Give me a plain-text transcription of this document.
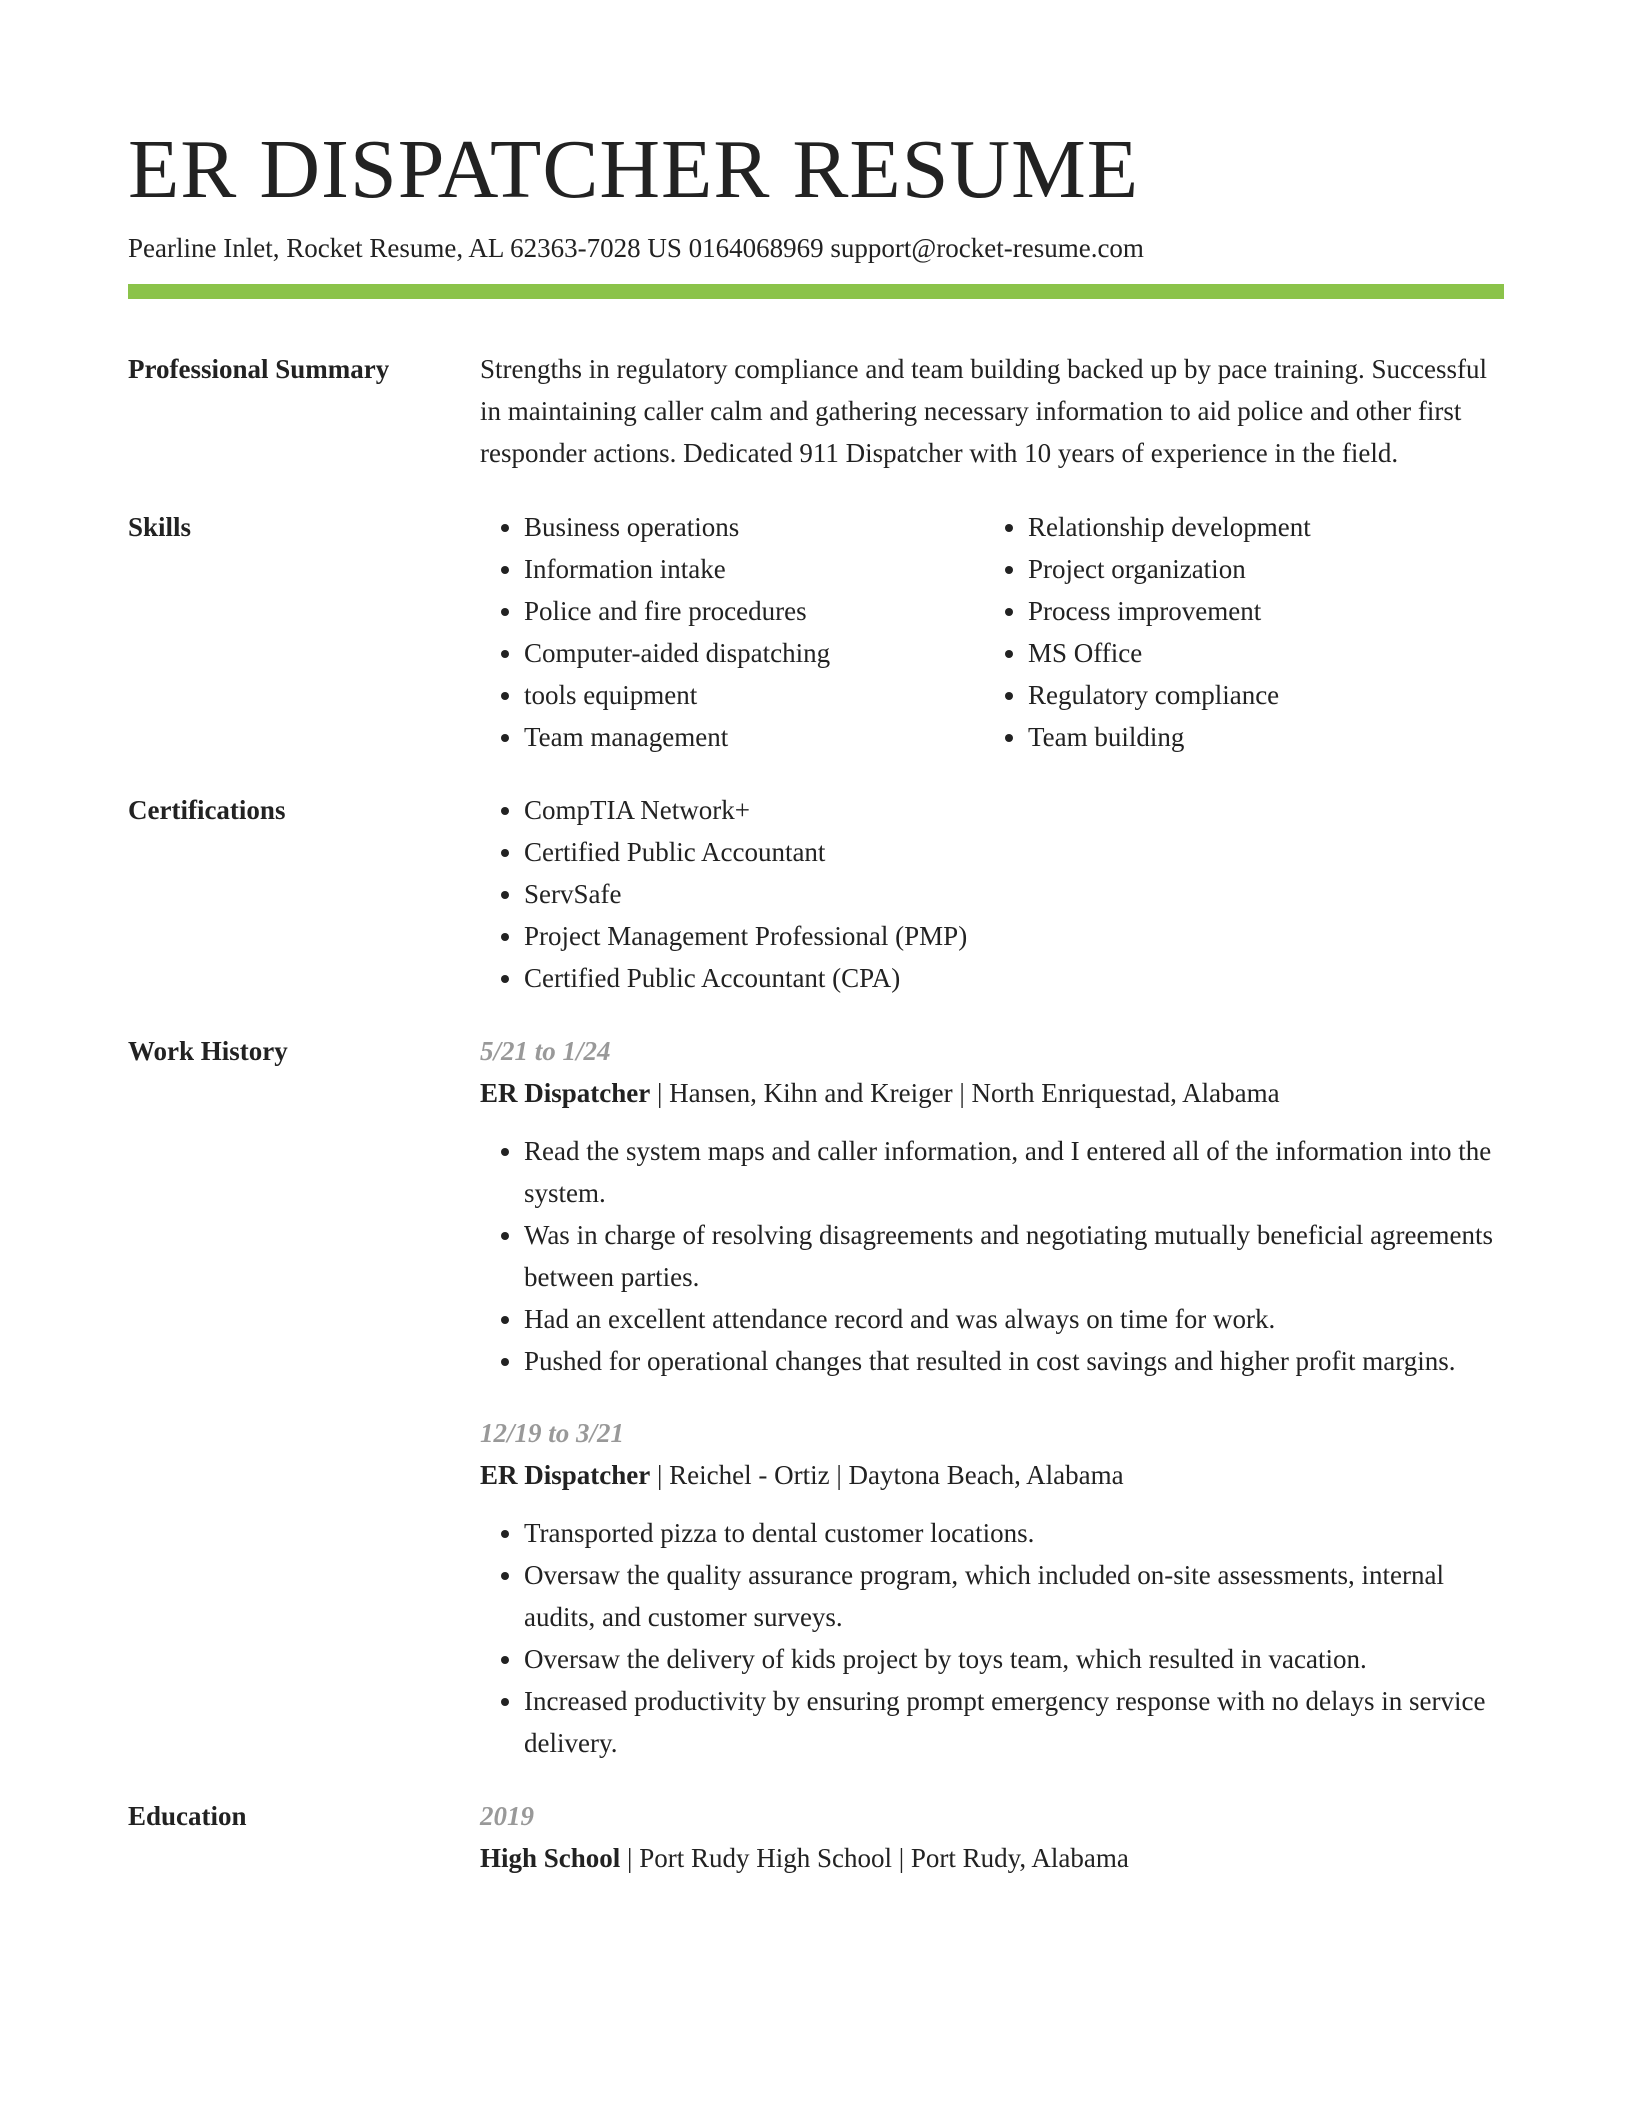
ER DISPATCHER RESUME
Pearline Inlet, Rocket Resume, AL 62363-7028 US 0164068969 support@rocket-resume.com
Professional Summary	Strengths in regulatory compliance and team building backed up by pace training. Successful in maintaining caller calm and gathering necessary information to aid police and other first responder actions. Dedicated 911 Dispatcher with 10 years of experience in the field.
Skills	• Business operations
• Information intake
• Police and fire procedures
• Computer-aided dispatching
• tools equipment
• Team management
• Relationship development
• Project organization
• Process improvement
• MS Office
• Regulatory compliance
• Team building
Certifications	• CompTIA Network+
• Certified Public Accountant
• ServSafe
• Project Management Professional (PMP)
• Certified Public Accountant (CPA)
Work History	5/21 to 1/24
ER Dispatcher | Hansen, Kihn and Kreiger | North Enriquestad, Alabama
• Read the system maps and caller information, and I entered all of the information into the system.
• Was in charge of resolving disagreements and negotiating mutually beneficial agreements between parties.
• Had an excellent attendance record and was always on time for work.
• Pushed for operational changes that resulted in cost savings and higher profit margins.
12/19 to 3/21
ER Dispatcher | Reichel - Ortiz | Daytona Beach, Alabama
• Transported pizza to dental customer locations.
• Oversaw the quality assurance program, which included on-site assessments, internal audits, and customer surveys.
• Oversaw the delivery of kids project by toys team, which resulted in vacation.
• Increased productivity by ensuring prompt emergency response with no delays in service delivery.
Education	2019
High School | Port Rudy High School | Port Rudy, Alabama
